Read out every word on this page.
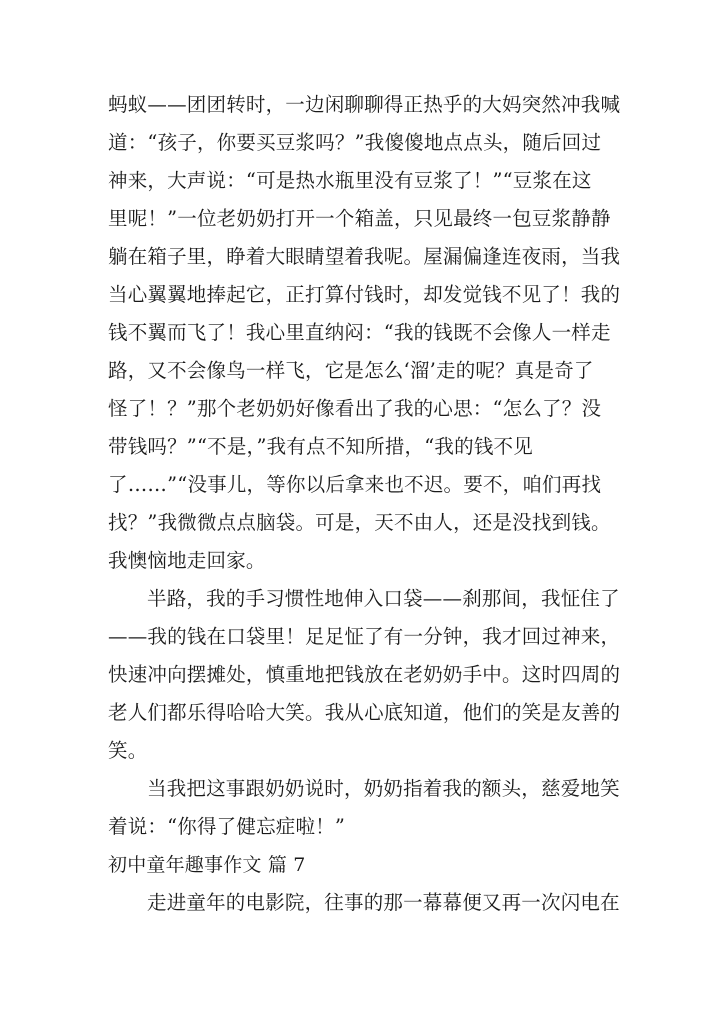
蚂蚁——团团转时，一边闲聊聊得正热乎的大妈突然冲我喊
道：“孩子，你要买豆浆吗？”我傻傻地点点头，随后回过
神来，大声说：“可是热水瓶里没有豆浆了！”“豆浆在这
里呢！”一位老奶奶打开一个箱盖，只见最终一包豆浆静静
躺在箱子里，睁着大眼睛望着我呢。屋漏偏逢连夜雨，当我
当心翼翼地捧起它，正打算付钱时，却发觉钱不见了！我的
钱不翼而飞了！我心里直纳闷：“我的钱既不会像人一样走
路，又不会像鸟一样飞，它是怎么‘溜’走的呢？真是奇了
怪了！？”那个老奶奶好像看出了我的心思：“怎么了？没
带钱吗？”“不是，”我有点不知所措，“我的钱不见
了……”“没事儿，等你以后拿来也不迟。要不，咱们再找
找？”我微微点点脑袋。可是，天不由人，还是没找到钱。
我懊恼地走回家。
半路，我的手习惯性地伸入口袋——刹那间，我怔住了
——我的钱在口袋里！足足怔了有一分钟，我才回过神来，
快速冲向摆摊处，慎重地把钱放在老奶奶手中。这时四周的
老人们都乐得哈哈大笑。我从心底知道，他们的笑是友善的
笑。
当我把这事跟奶奶说时，奶奶指着我的额头，慈爱地笑
着说：“你得了健忘症啦！”
初中童年趣事作文 篇 7
走进童年的电影院，往事的那一幕幕便又再一次闪电在
